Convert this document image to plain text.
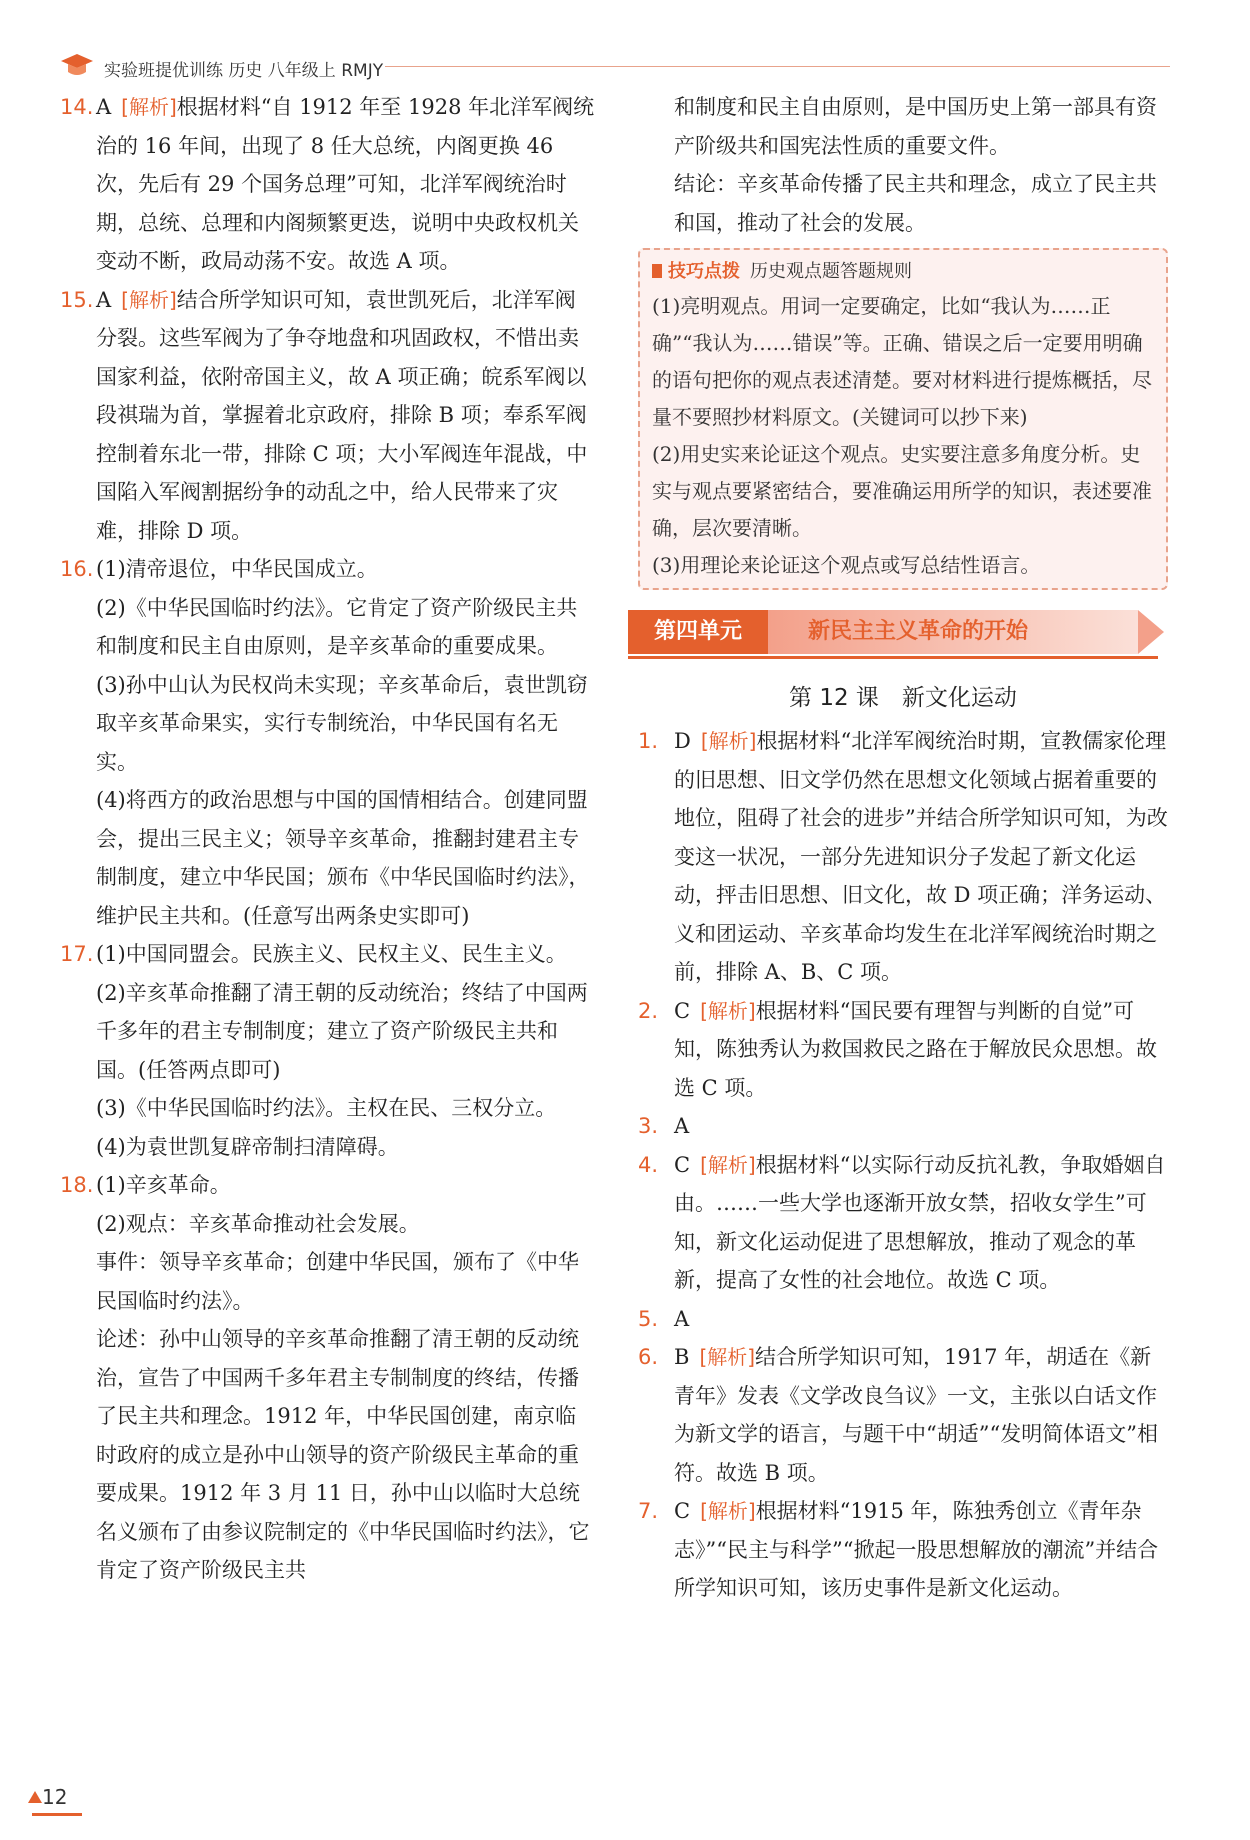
实验班提优训练 历史 八年级上 RMJY
14. A [解析]根据材料“自 1912 年至 1928 年北洋军阀统治的 16 年间，出现了 8 任大总统，内阁更换 46 次，先后有 29 个国务总理”可知，北洋军阀统治时期，总统、总理和内阁频繁更迭，说明中央政权机关变动不断，政局动荡不安。故选 A 项。
15. A [解析]结合所学知识可知，袁世凯死后，北洋军阀分裂。这些军阀为了争夺地盘和巩固政权，不惜出卖国家利益，依附帝国主义，故 A 项正确；皖系军阀以段祺瑞为首，掌握着北京政府，排除 B 项；奉系军阀控制着东北一带，排除 C 项；大小军阀连年混战，中国陷入军阀割据纷争的动乱之中，给人民带来了灾难，排除 D 项。
16. (1)清帝退位，中华民国成立。
(2)《中华民国临时约法》。它肯定了资产阶级民主共和制度和民主自由原则，是辛亥革命的重要成果。
(3)孙中山认为民权尚未实现；辛亥革命后，袁世凯窃取辛亥革命果实，实行专制统治，中华民国有名无实。
(4)将西方的政治思想与中国的国情相结合。创建同盟会，提出三民主义；领导辛亥革命，推翻封建君主专制制度，建立中华民国；颁布《中华民国临时约法》，维护民主共和。(任意写出两条史实即可)
17. (1)中国同盟会。民族主义、民权主义、民生主义。
(2)辛亥革命推翻了清王朝的反动统治；终结了中国两千多年的君主专制制度；建立了资产阶级民主共和国。(任答两点即可)
(3)《中华民国临时约法》。主权在民、三权分立。
(4)为袁世凯复辟帝制扫清障碍。
18. (1)辛亥革命。
(2)观点：辛亥革命推动社会发展。
事件：领导辛亥革命；创建中华民国，颁布了《中华民国临时约法》。
论述：孙中山领导的辛亥革命推翻了清王朝的反动统治，宣告了中国两千多年君主专制制度的终结，传播了民主共和理念。1912 年，中华民国创建，南京临时政府的成立是孙中山领导的资产阶级民主革命的重要成果。1912 年 3 月 11 日，孙中山以临时大总统名义颁布了由参议院制定的《中华民国临时约法》，它肯定了资产阶级民主共
和制度和民主自由原则，是中国历史上第一部具有资产阶级共和国宪法性质的重要文件。
结论：辛亥革命传播了民主共和理念，成立了民主共和国，推动了社会的发展。
技巧点拨 历史观点题答题规则
(1)亮明观点。用词一定要确定，比如“我认为……正确”“我认为……错误”等。正确、错误之后一定要用明确的语句把你的观点表述清楚。要对材料进行提炼概括，尽量不要照抄材料原文。(关键词可以抄下来)
(2)用史实来论证这个观点。史实要注意多角度分析。史实与观点要紧密结合，要准确运用所学的知识，表述要准确，层次要清晰。
(3)用理论来论证这个观点或写总结性语言。
第四单元	新民主主义革命的开始
第 12 课　新文化运动
1. D [解析]根据材料“北洋军阀统治时期，宣教儒家伦理的旧思想、旧文学仍然在思想文化领域占据着重要的地位，阻碍了社会的进步”并结合所学知识可知，为改变这一状况，一部分先进知识分子发起了新文化运动，抨击旧思想、旧文化，故 D 项正确；洋务运动、义和团运动、辛亥革命均发生在北洋军阀统治时期之前，排除 A、B、C 项。
2. C [解析]根据材料“国民要有理智与判断的自觉”可知，陈独秀认为救国救民之路在于解放民众思想。故选 C 项。
3. A
4. C [解析]根据材料“以实际行动反抗礼教，争取婚姻自由。……一些大学也逐渐开放女禁，招收女学生”可知，新文化运动促进了思想解放，推动了观念的革新，提高了女性的社会地位。故选 C 项。
5. A
6. B [解析]结合所学知识可知，1917 年，胡适在《新青年》发表《文学改良刍议》一文，主张以白话文作为新文学的语言，与题干中“胡适”“发明简体语文”相符。故选 B 项。
7. C [解析]根据材料“1915 年，陈独秀创立《青年杂志》”“民主与科学”“掀起一股思想解放的潮流”并结合所学知识可知，该历史事件是新文化运动。
12
